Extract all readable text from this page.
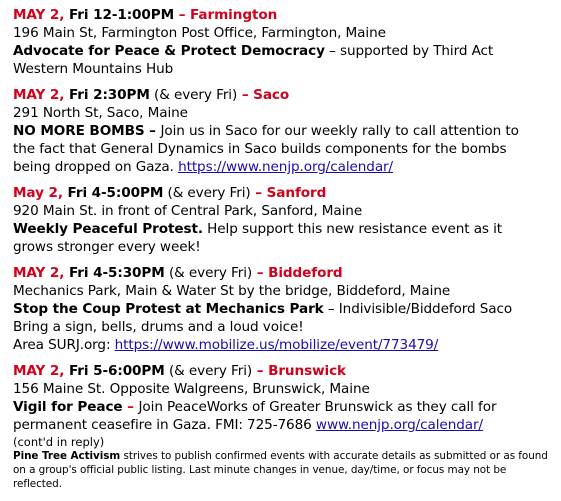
MAY 2, Fri 12-1:00PM – Farmington
196 Main St, Farmington Post Office, Farmington, Maine
Advocate for Peace & Protect Democracy – supported by Third Act
Western Mountains Hub
MAY 2, Fri 2:30PM (& every Fri) – Saco
291 North St, Saco, Maine
NO MORE BOMBS – Join us in Saco for our weekly rally to call attention to
the fact that General Dynamics in Saco builds components for the bombs
being dropped on Gaza. https://www.nenjp.org/calendar/
May 2, Fri 4-5:00PM (& every Fri) – Sanford
920 Main St. in front of Central Park, Sanford, Maine
Weekly Peaceful Protest. Help support this new resistance event as it
grows stronger every week!
MAY 2, Fri 4-5:30PM (& every Fri) – Biddeford
Mechanics Park, Main & Water St by the bridge, Biddeford, Maine
Stop the Coup Protest at Mechanics Park – Indivisible/Biddeford Saco
Bring a sign, bells, drums and a loud voice!
Area SURJ.org: https://www.mobilize.us/mobilize/event/773479/
MAY 2, Fri 5-6:00PM (& every Fri) – Brunswick
156 Maine St. Opposite Walgreens, Brunswick, Maine
Vigil for Peace – Join PeaceWorks of Greater Brunswick as they call for
permanent ceasefire in Gaza. FMI: 725-7686 www.nenjp.org/calendar/
(cont'd in reply)
Pine Tree Activism strives to publish confirmed events with accurate details as submitted or as found on a group's official public listing. Last minute changes in venue, day/time, or focus may not be reflected.
